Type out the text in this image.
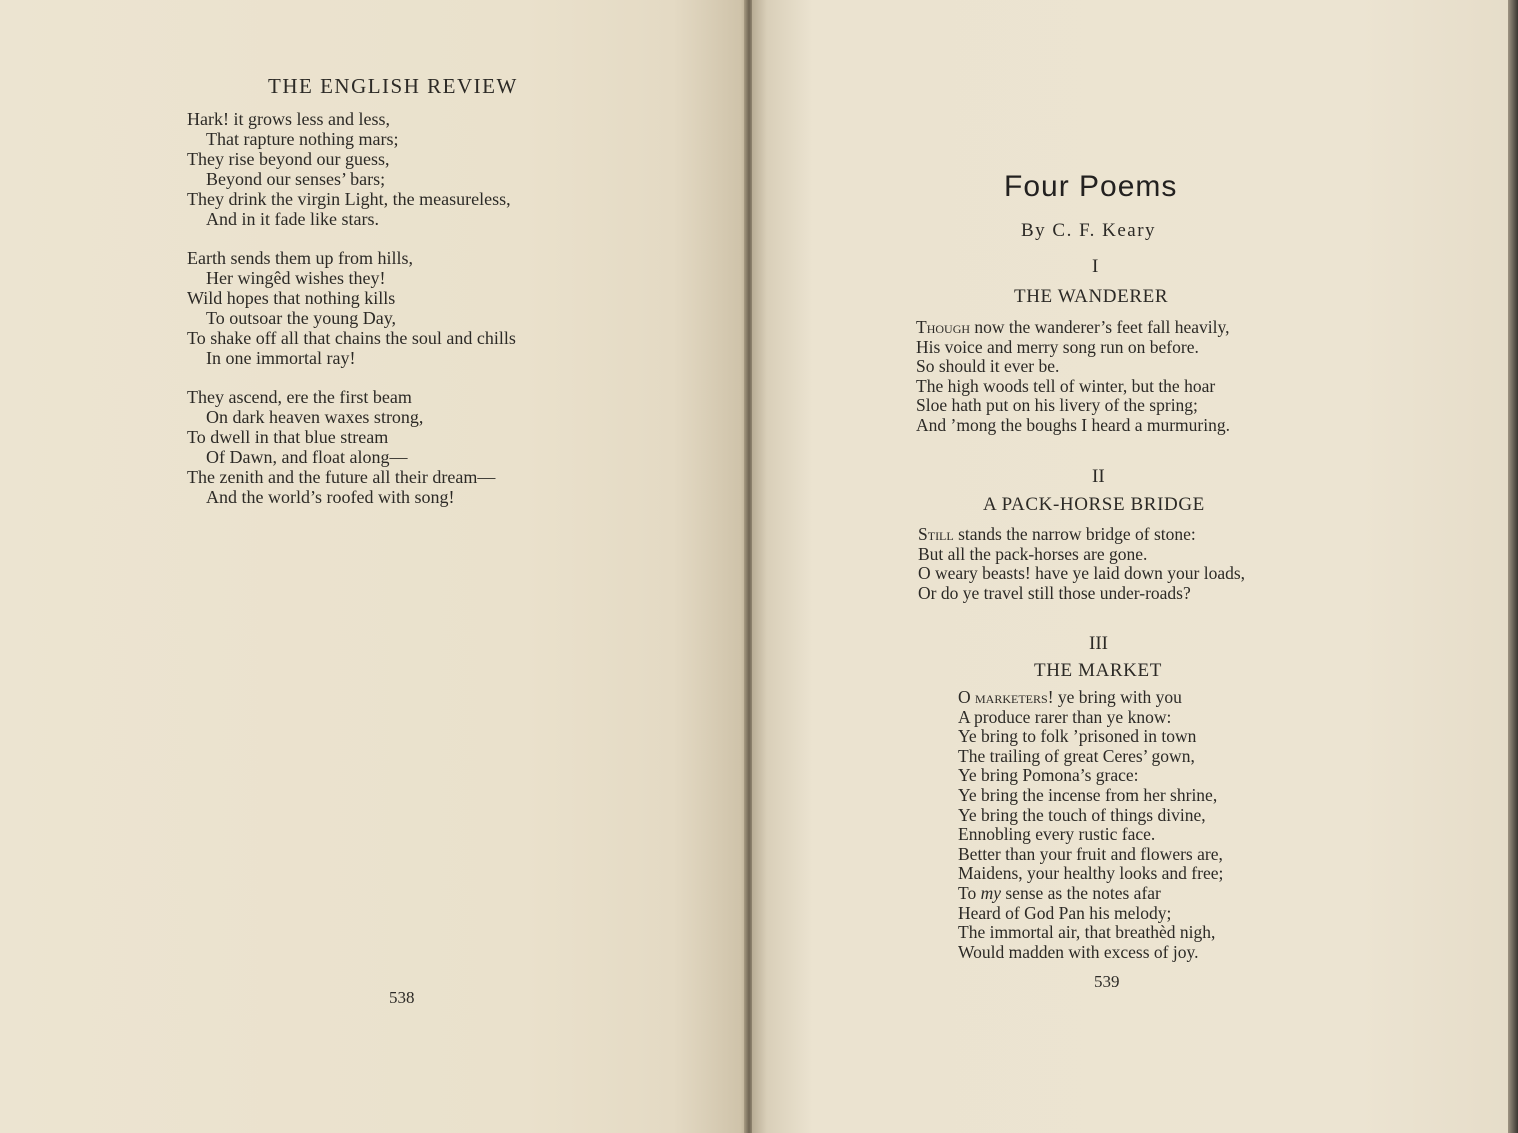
THE ENGLISH REVIEW
Hark! it grows less and less,
That rapture nothing mars;
They rise beyond our guess,
Beyond our senses’ bars;
They drink the virgin Light, the measureless,
And in it fade like stars.
Earth sends them up from hills,
Her wingêd wishes they!
Wild hopes that nothing kills
To outsoar the young Day,
To shake off all that chains the soul and chills
In one immortal ray!
They ascend, ere the first beam
On dark heaven waxes strong,
To dwell in that blue stream
Of Dawn, and float along—
The zenith and the future all their dream—
And the world’s roofed with song!
538
Four Poems
By C. F. Keary
I
THE WANDERER
Though now the wanderer’s feet fall heavily,
His voice and merry song run on before.
So should it ever be.
The high woods tell of winter, but the hoar
Sloe hath put on his livery of the spring;
And ’mong the boughs I heard a murmuring.
II
A PACK-HORSE BRIDGE
Still stands the narrow bridge of stone:
But all the pack-horses are gone.
O weary beasts! have ye laid down your loads,
Or do ye travel still those under-roads?
III
THE MARKET
O marketers! ye bring with you
A produce rarer than ye know:
Ye bring to folk ’prisoned in town
The trailing of great Ceres’ gown,
Ye bring Pomona’s grace:
Ye bring the incense from her shrine,
Ye bring the touch of things divine,
Ennobling every rustic face.
Better than your fruit and flowers are,
Maidens, your healthy looks and free;
To my sense as the notes afar
Heard of God Pan his melody;
The immortal air, that breathèd nigh,
Would madden with excess of joy.
539
